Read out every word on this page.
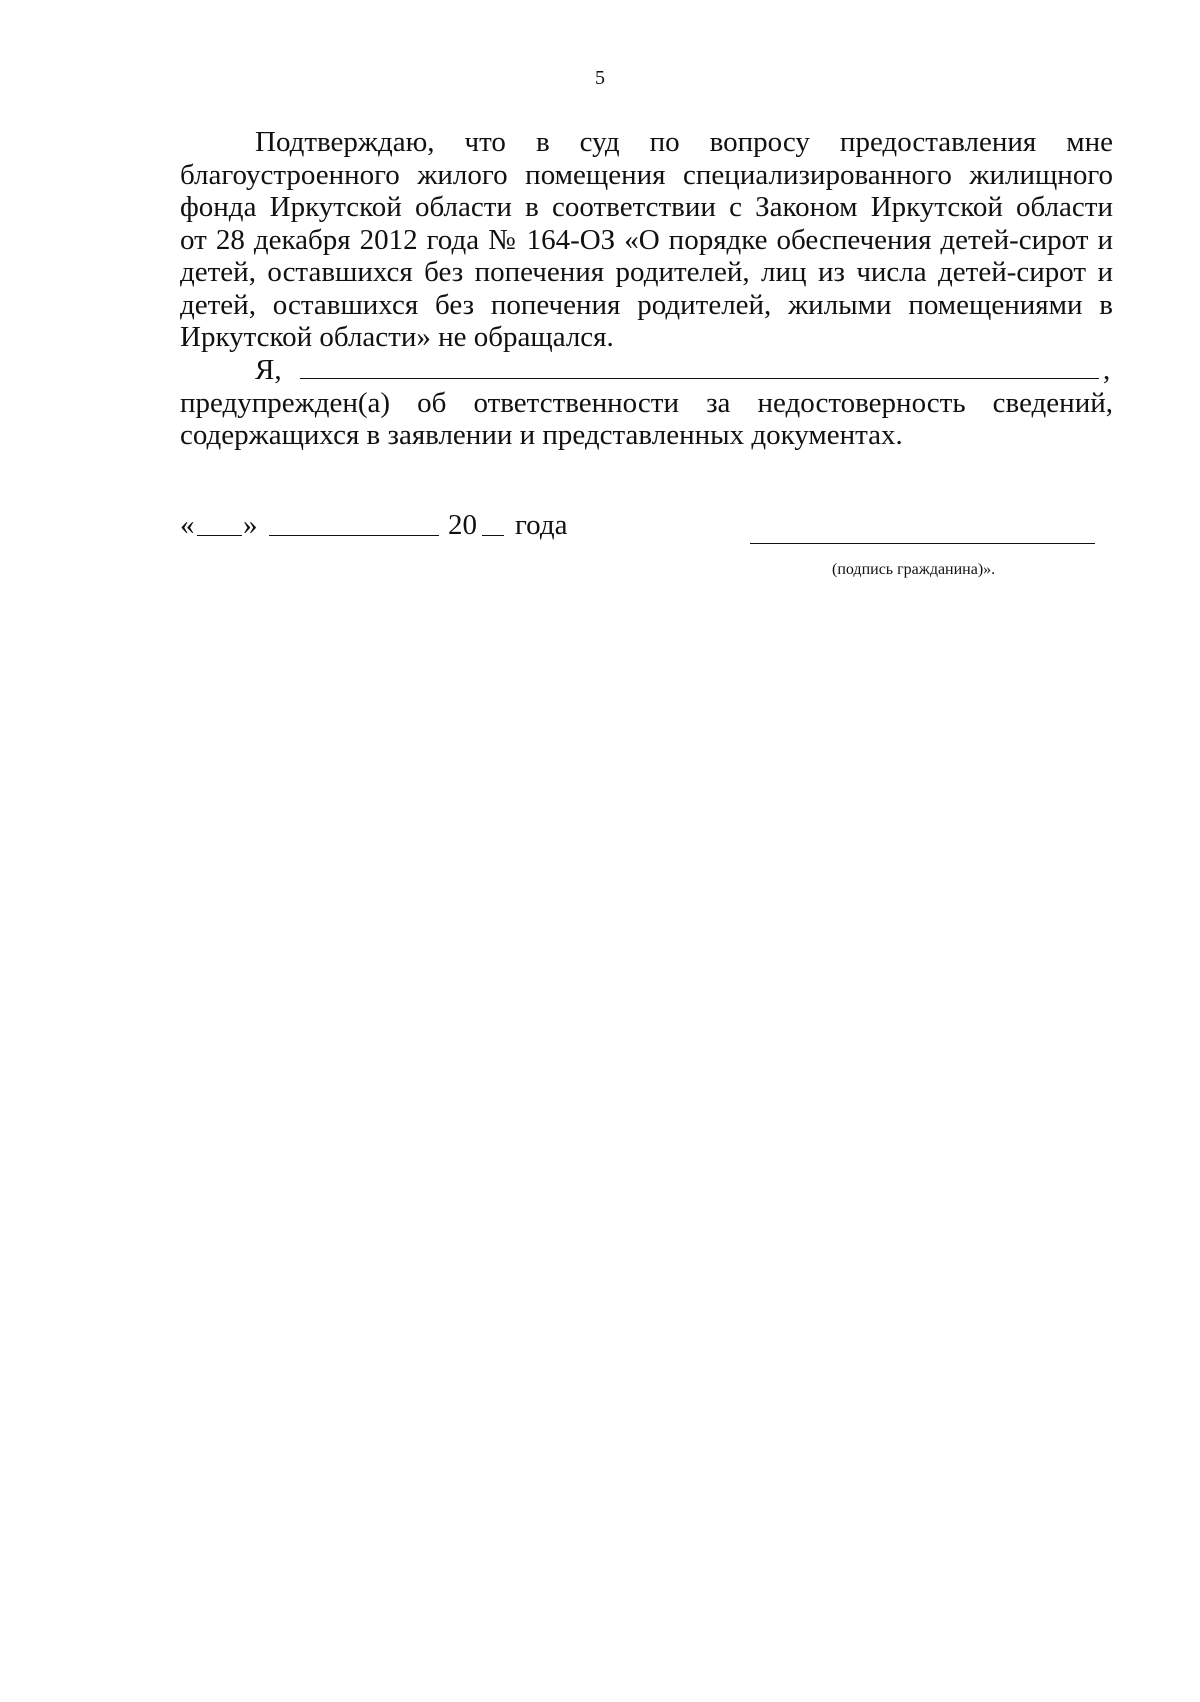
5
Подтверждаю, что в суд по вопросу предоставления мне
благоустроенного жилого помещения специализированного жилищного
фонда Иркутской области в соответствии с Законом Иркутской области
от 28 декабря 2012 года № 164-ОЗ «О порядке обеспечения детей-сирот и
детей, оставшихся без попечения родителей, лиц из числа детей-сирот и
детей, оставшихся без попечения родителей, жилыми помещениями в
Иркутской области» не обращался.
Я,	,
предупрежден(а) об ответственности за недостоверность сведений,
содержащихся в заявлении и представленных документах.
« »	20 года
(подпись гражданина)».
